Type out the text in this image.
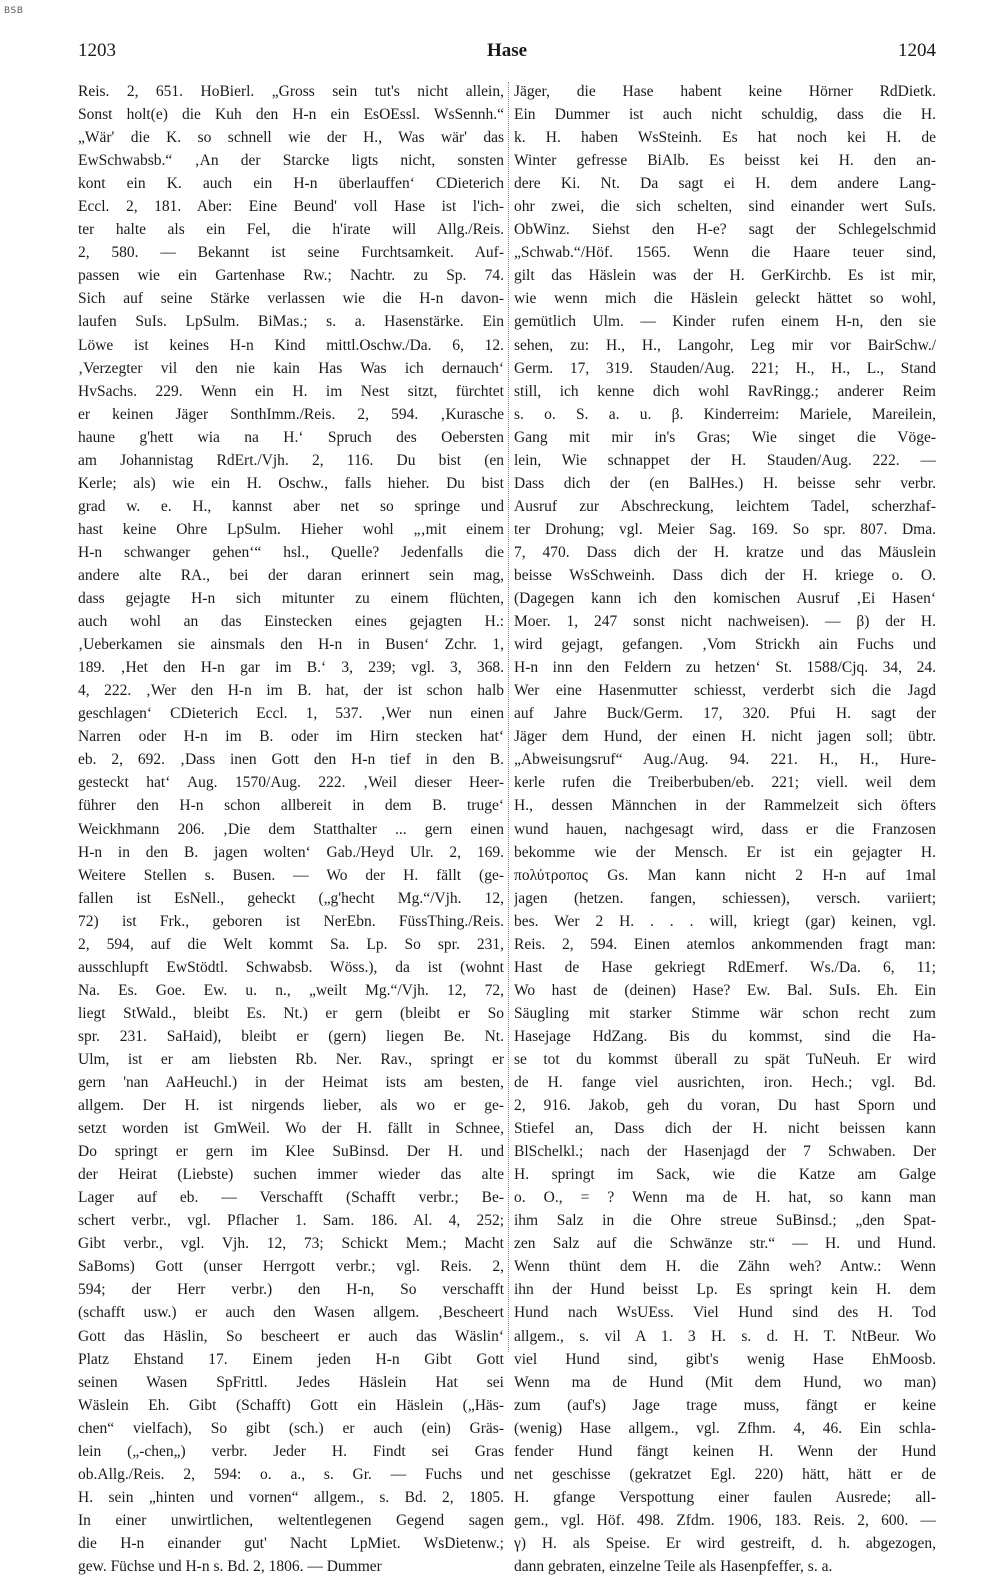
BSB
1203	Hase	1204
Reis. 2, 651. HoBierl. „Gross sein tut's nicht allein,
Sonst holt(e) die Kuh den H-n ein EsOEssl. WsSennh.“
„Wär' die K. so schnell wie der H., Was wär' das
EwSchwabsb.“ ‚An der Starcke ligts nicht, sonsten
kont ein K. auch ein H-n überlauffen‘ CDieterich
Eccl. 2, 181. Aber: Eine Beund' voll Hase ist l'ich-
ter halte als ein Fel, die h'irate will Allg./Reis.
2, 580. — Bekannt ist seine Furchtsamkeit. Auf-
passen wie ein Gartenhase Rw.; Nachtr. zu Sp. 74.
Sich auf seine Stärke verlassen wie die H-n davon-
laufen SuIs. LpSulm. BiMas.; s. a. Hasenstärke. Ein
Löwe ist keines H-n Kind mittl.Oschw./Da. 6, 12.
‚Verzegter vil den nie kain Has Was ich dernauch‘
HvSachs. 229. Wenn ein H. im Nest sitzt, fürchtet
er keinen Jäger SonthImm./Reis. 2, 594. ‚Kurasche
haune g'hett wia na H.‘ Spruch des Oebersten
am Johannistag RdErt./Vjh. 2, 116. Du bist (en
Kerle; als) wie ein H. Oschw., falls hieher. Du bist
grad w. e. H., kannst aber net so springe und
hast keine Ohre LpSulm. Hieher wohl „‚mit einem
H-n schwanger gehen‘“ hsl., Quelle? Jedenfalls die
andere alte RA., bei der daran erinnert sein mag,
dass gejagte H-n sich mitunter zu einem flüchten,
auch wohl an das Einstecken eines gejagten H.:
‚Ueberkamen sie ainsmals den H-n in Busen‘ Zchr. 1,
189. ‚Het den H-n gar im B.‘ 3, 239; vgl. 3, 368.
4, 222. ‚Wer den H-n im B. hat, der ist schon halb
geschlagen‘ CDieterich Eccl. 1, 537. ‚Wer nun einen
Narren oder H-n im B. oder im Hirn stecken hat‘
eb. 2, 692. ‚Dass inen Gott den H-n tief in den B.
gesteckt hat‘ Aug. 1570/Aug. 222. ‚Weil dieser Heer-
führer den H-n schon allbereit in dem B. truge‘
Weickhmann 206. ‚Die dem Statthalter ... gern einen
H-n in den B. jagen wolten‘ Gab./Heyd Ulr. 2, 169.
Weitere Stellen s. Busen. — Wo der H. fällt (ge-
fallen ist EsNell., geheckt („g'hecht Mg.“/Vjh. 12,
72) ist Frk., geboren ist NerEbn. FüssThing./Reis.
2, 594, auf die Welt kommt Sa. Lp. So spr. 231,
ausschlupft EwStödtl. Schwabsb. Wöss.), da ist (wohnt
Na. Es. Goe. Ew. u. n., „weilt Mg.“/Vjh. 12, 72,
liegt StWald., bleibt Es. Nt.) er gern (bleibt er So
spr. 231. SaHaid), bleibt er (gern) liegen Be. Nt.
Ulm, ist er am liebsten Rb. Ner. Rav., springt er
gern 'nan AaHeuchl.) in der Heimat ists am besten,
allgem. Der H. ist nirgends lieber, als wo er ge-
setzt worden ist GmWeil. Wo der H. fällt in Schnee,
Do springt er gern im Klee SuBinsd. Der H. und
der Heirat (Liebste) suchen immer wieder das alte
Lager auf eb. — Verschafft (Schafft verbr.; Be-
schert verbr., vgl. Pflacher 1. Sam. 186. Al. 4, 252;
Gibt verbr., vgl. Vjh. 12, 73; Schickt Mem.; Macht
SaBoms) Gott (unser Herrgott verbr.; vgl. Reis. 2,
594; der Herr verbr.) den H-n, So verschafft
(schafft usw.) er auch den Wasen allgem. ‚Bescheert
Gott das Häslin, So bescheert er auch das Wäslin‘
Platz Ehstand 17. Einem jeden H-n Gibt Gott
seinen Wasen SpFrittl. Jedes Häslein Hat sei
Wäslein Eh. Gibt (Schafft) Gott ein Häslein („Häs-
chen“ vielfach), So gibt (sch.) er auch (ein) Gräs-
lein („-chen„) verbr. Jeder H. Findt sei Gras
ob.Allg./Reis. 2, 594: o. a., s. Gr. — Fuchs und
H. sein „hinten und vornen“ allgem., s. Bd. 2, 1805.
In einer unwirtlichen, weltentlegenen Gegend sagen
die H-n einander gut' Nacht LpMiet. WsDietenw.;
gew. Füchse und H-n s. Bd. 2, 1806. — Dummer
Jäger, die Hase habent keine Hörner RdDietk.
Ein Dummer ist auch nicht schuldig, dass die H.
k. H. haben WsSteinh. Es hat noch kei H. de
Winter gefresse BiAlb. Es beisst kei H. den an-
dere Ki. Nt. Da sagt ei H. dem andere Lang-
ohr zwei, die sich schelten, sind einander wert SuIs.
ObWinz. Siehst den H-e? sagt der Schlegelschmid
„Schwab.“/Höf. 1565. Wenn die Haare teuer sind,
gilt das Häslein was der H. GerKirchb. Es ist mir,
wie wenn mich die Häslein geleckt hättet so wohl,
gemütlich Ulm. — Kinder rufen einem H-n, den sie
sehen, zu: H., H., Langohr, Leg mir vor BairSchw./
Germ. 17, 319. Stauden/Aug. 221; H., H., L., Stand
still, ich kenne dich wohl RavRingg.; anderer Reim
s. o. S. a. u. β. Kinderreim: Mariele, Mareilein,
Gang mit mir in's Gras; Wie singet die Vöge-
lein, Wie schnappet der H. Stauden/Aug. 222. —
Dass dich der (en BalHes.) H. beisse sehr verbr.
Ausruf zur Abschreckung, leichtem Tadel, scherzhaf-
ter Drohung; vgl. Meier Sag. 169. So spr. 807. Dma.
7, 470. Dass dich der H. kratze und das Mäuslein
beisse WsSchweinh. Dass dich der H. kriege o. O.
(Dagegen kann ich den komischen Ausruf ‚Ei Hasen‘
Moer. 1, 247 sonst nicht nachweisen). — β) der H.
wird gejagt, gefangen. ‚Vom Strickh ain Fuchs und
H-n inn den Feldern zu hetzen‘ St. 1588/Cjq. 34, 24.
Wer eine Hasenmutter schiesst, verderbt sich die Jagd
auf Jahre Buck/Germ. 17, 320. Pfui H. sagt der
Jäger dem Hund, der einen H. nicht jagen soll; übtr.
„Abweisungsruf“ Aug./Aug. 94. 221. H., H., Hure-
kerle rufen die Treiberbuben/eb. 221; viell. weil dem
H., dessen Männchen in der Rammelzeit sich öfters
wund hauen, nachgesagt wird, dass er die Franzosen
bekomme wie der Mensch. Er ist ein gejagter H.
πολύτροπος Gs. Man kann nicht 2 H-n auf 1mal
jagen (hetzen. fangen, schiessen), versch. variiert;
bes. Wer 2 H. . . . will, kriegt (gar) keinen, vgl.
Reis. 2, 594. Einen atemlos ankommenden fragt man:
Hast de Hase gekriegt RdEmerf. Ws./Da. 6, 11;
Wo hast de (deinen) Hase? Ew. Bal. SuIs. Eh. Ein
Säugling mit starker Stimme wär schon recht zum
Hasejage HdZang. Bis du kommst, sind die Ha-
se tot du kommst überall zu spät TuNeuh. Er wird
de H. fange viel ausrichten, iron. Hech.; vgl. Bd.
2, 916. Jakob, geh du voran, Du hast Sporn und
Stiefel an, Dass dich der H. nicht beissen kann
BlSchelkl.; nach der Hasenjagd der 7 Schwaben. Der
H. springt im Sack, wie die Katze am Galge
o. O., = ? Wenn ma de H. hat, so kann man
ihm Salz in die Ohre streue SuBinsd.; „den Spat-
zen Salz auf die Schwänze str.“ — H. und Hund.
Wenn thünt dem H. die Zähn weh? Antw.: Wenn
ihn der Hund beisst Lp. Es springt kein H. dem
Hund nach WsUEss. Viel Hund sind des H. Tod
allgem., s. vil A 1. 3 H. s. d. H. T. NtBeur. Wo
viel Hund sind, gibt's wenig Hase EhMoosb.
Wenn ma de Hund (Mit dem Hund, wo man)
zum (auf's) Jage trage muss, fängt er keine
(wenig) Hase allgem., vgl. Zfhm. 4, 46. Ein schla-
fender Hund fängt keinen H. Wenn der Hund
net geschisse (gekratzet Egl. 220) hätt, hätt er de
H. gfange Verspottung einer faulen Ausrede; all-
gem., vgl. Höf. 498. Zfdm. 1906, 183. Reis. 2, 600. —
γ) H. als Speise. Er wird gestreift, d. h. abgezogen,
dann gebraten, einzelne Teile als Hasenpfeffer, s. a.
